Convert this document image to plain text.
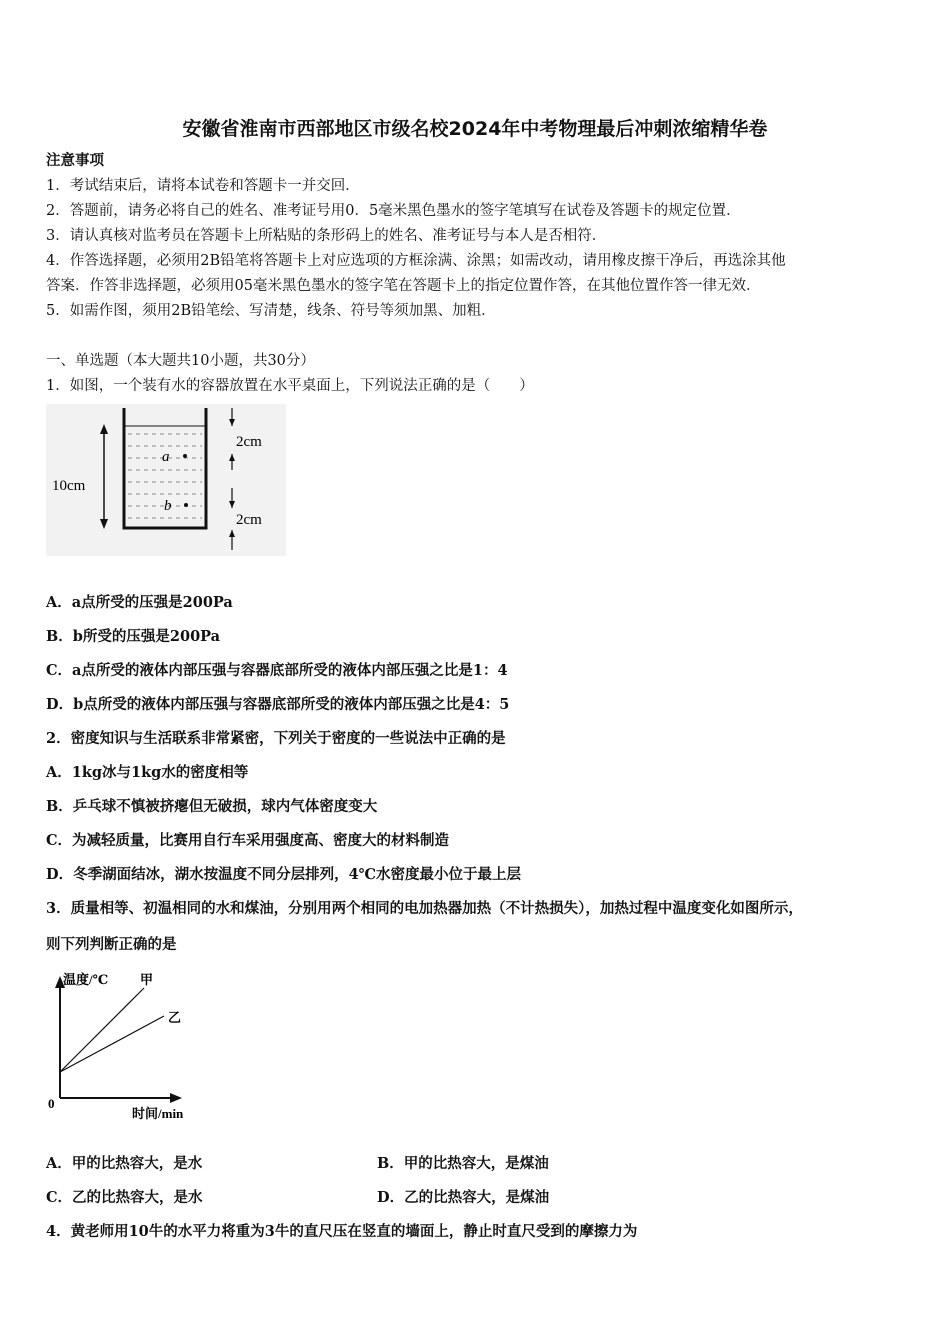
安徽省淮南市西部地区市级名校2024年中考物理最后冲刺浓缩精华卷
注意事项
1．考试结束后，请将本试卷和答题卡一并交回．
2．答题前，请务必将自己的姓名、准考证号用0．5毫米黑色墨水的签字笔填写在试卷及答题卡的规定位置．
3．请认真核对监考员在答题卡上所粘贴的条形码上的姓名、准考证号与本人是否相符．
4．作答选择题，必须用2B铅笔将答题卡上对应选项的方框涂满、涂黑；如需改动，请用橡皮擦干净后，再选涂其他
答案．作答非选择题，必须用05毫米黑色墨水的签字笔在答题卡上的指定位置作答，在其他位置作答一律无效．
5．如需作图，须用2B铅笔绘、写清楚，线条、符号等须加黑、加粗．
一、单选题（本大题共10小题，共30分）
1．如图，一个装有水的容器放置在水平桌面上，下列说法正确的是（　　）
a
b
10cm
2cm
2cm
A．a点所受的压强是200Pa
B．b所受的压强是200Pa
C．a点所受的液体内部压强与容器底部所受的液体内部压强之比是1：4
D．b点所受的液体内部压强与容器底部所受的液体内部压强之比是4：5
2．密度知识与生活联系非常紧密，下列关于密度的一些说法中正确的是
A．1kg冰与1kg水的密度相等
B．乒乓球不慎被挤瘪但无破损，球内气体密度变大
C．为减轻质量，比赛用自行车采用强度高、密度大的材料制造
D．冬季湖面结冰，湖水按温度不同分层排列，4℃水密度最小位于最上层
3．质量相等、初温相同的水和煤油，分别用两个相同的电加热器加热（不计热损失），加热过程中温度变化如图所示，
则下列判断正确的是
温度/℃ 甲
乙
0
时间/min
A．甲的比热容大，是水	B．甲的比热容大，是煤油
C．乙的比热容大，是水	D．乙的比热容大，是煤油
4．黄老师用10牛的水平力将重为3牛的直尺压在竖直的墙面上，静止时直尺受到的摩擦力为
